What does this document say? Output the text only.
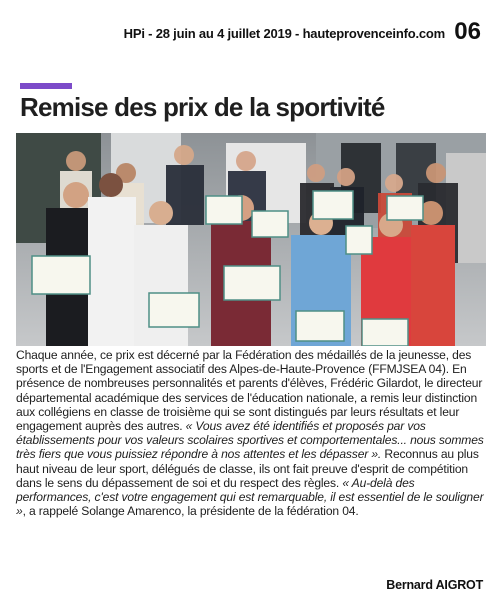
HPi - 28 juin au 4 juillet 2019 - hauteprovenceinfo.com 06
Remise des prix de la sportivité

Chaque année, ce prix est décerné par la Fédération des médaillés de la jeunesse, des sports et de l'Engagement associatif des Alpes-de-Haute-Provence (FFMJSEA 04). En présence de nombreuses personnalités et parents d'élèves, Frédéric Gilardot, le directeur départemental académique des services de l'éducation nationale, a remis leur distinction aux collégiens en classe de troisième qui se sont distingués par leurs résultats et leur engagement auprès des autres. « Vous avez été identifiés et proposés par vos établissements pour vos valeurs scolaires sportives et comportementales... nous sommes très fiers que vous puissiez répondre à nos attentes et les dépasser ». Reconnus au plus haut niveau de leur sport, délégués de classe, ils ont fait preuve d'esprit de compétition dans le sens du dépassement de soi et du respect des règles. « Au-delà des performances, c'est votre engagement qui est remarquable, il est essentiel de le souligner », a rappelé Solange Amarenco, la présidente de la fédération 04.

Bernard AIGROT
